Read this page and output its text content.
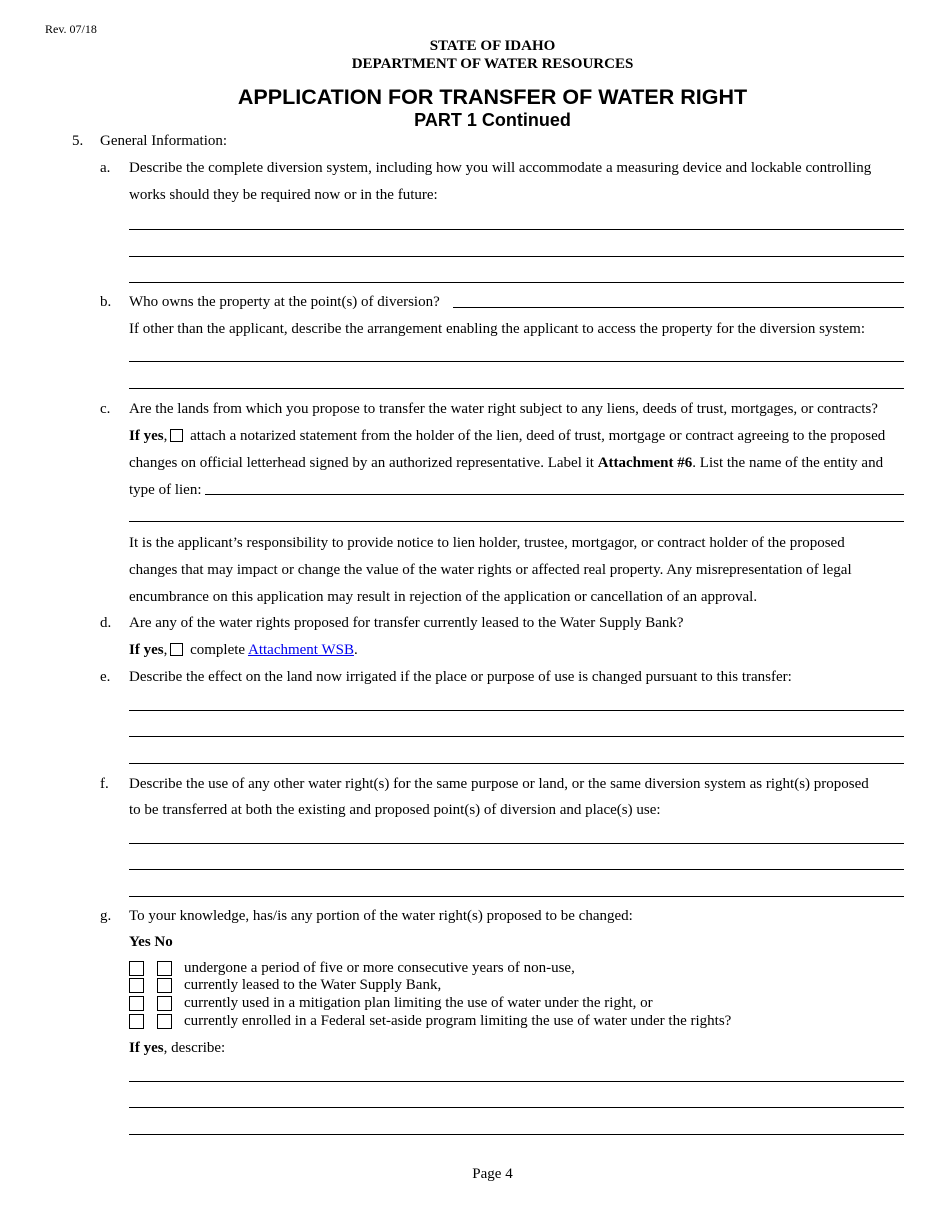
Rev. 07/18
STATE OF IDAHO
DEPARTMENT OF WATER RESOURCES
APPLICATION FOR TRANSFER OF WATER RIGHT
PART 1 Continued
5. General Information:
a. Describe the complete diversion system, including how you will accommodate a measuring device and lockable controlling
works should they be required now or in the future:
b. Who owns the property at the point(s) of diversion?
If other than the applicant, describe the arrangement enabling the applicant to access the property for the diversion system:
c. Are the lands from which you propose to transfer the water right subject to any liens, deeds of trust, mortgages, or contracts?
If yes, attach a notarized statement from the holder of the lien, deed of trust, mortgage or contract agreeing to the proposed
changes on official letterhead signed by an authorized representative. Label it Attachment #6. List the name of the entity and
type of lien:
It is the applicant’s responsibility to provide notice to lien holder, trustee, mortgagor, or contract holder of the proposed
changes that may impact or change the value of the water rights or affected real property. Any misrepresentation of legal
encumbrance on this application may result in rejection of the application or cancellation of an approval.
d. Are any of the water rights proposed for transfer currently leased to the Water Supply Bank?
If yes, complete Attachment WSB.
e. Describe the effect on the land now irrigated if the place or purpose of use is changed pursuant to this transfer:
f. Describe the use of any other water right(s) for the same purpose or land, or the same diversion system as right(s) proposed
to be transferred at both the existing and proposed point(s) of diversion and place(s) use:
g. To your knowledge, has/is any portion of the water right(s) proposed to be changed:
Yes No
undergone a period of five or more consecutive years of non-use,
currently leased to the Water Supply Bank,
currently used in a mitigation plan limiting the use of water under the right, or
currently enrolled in a Federal set-aside program limiting the use of water under the rights?
If yes, describe:
Page 4
